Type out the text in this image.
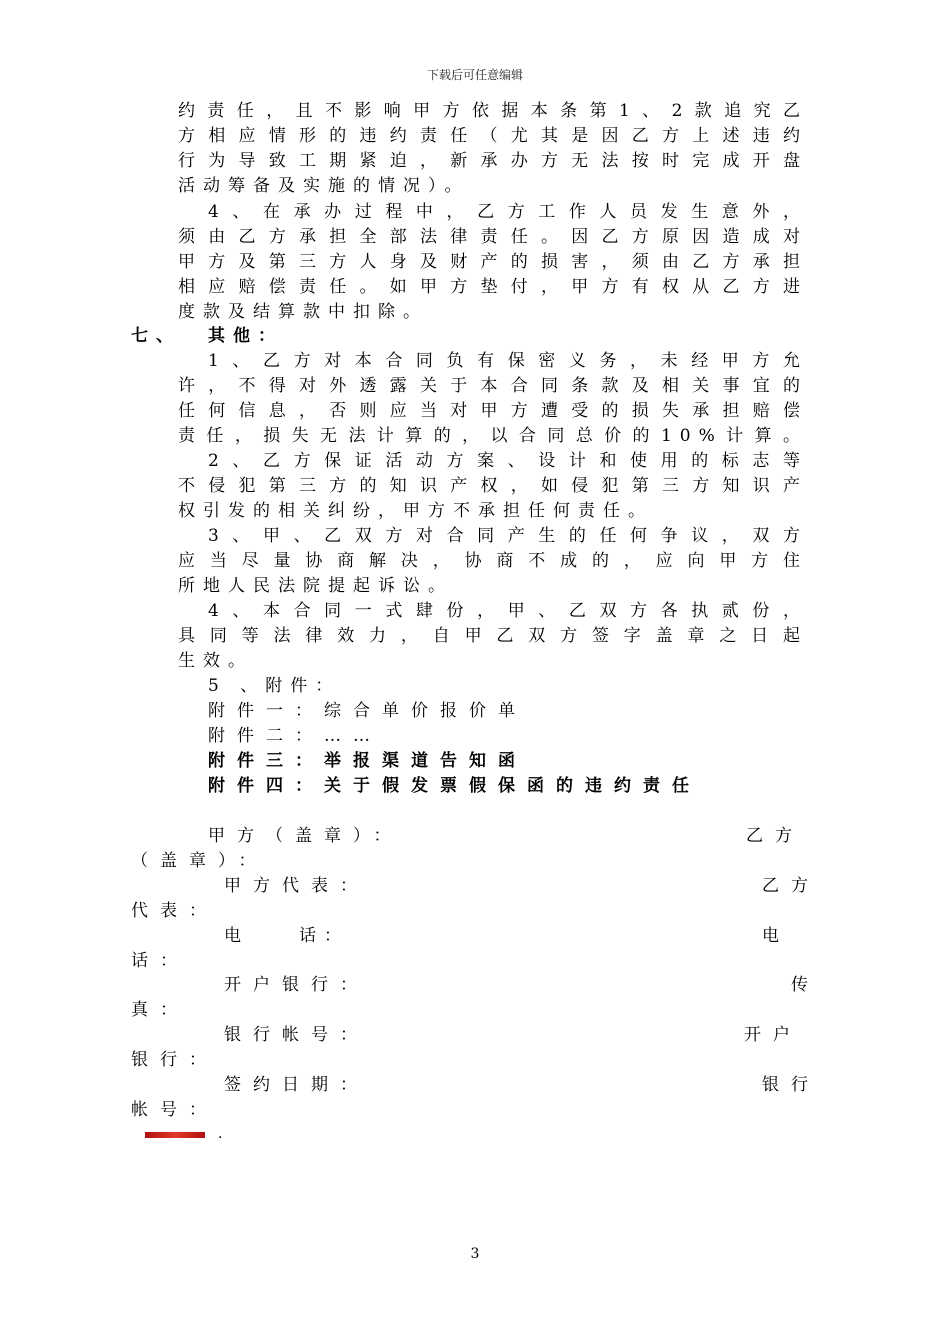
下载后可任意编辑
约责任，且不影响甲方依据本条第1、2款追究乙
方相应情形的违约责任（尤其是因乙方上述违约
行为导致工期紧迫，新承办方无法按时完成开盘
活动筹备及实施的情况）。
4、在承办过程中，乙方工作人员发生意外，
须由乙方承担全部法律责任。因乙方原因造成对
甲方及第三方人身及财产的损害，须由乙方承担
相应赔偿责任。如甲方垫付，甲方有权从乙方进
度款及结算款中扣除。
七、 其他：
1、乙方对本合同负有保密义务，未经甲方允
许，不得对外透露关于本合同条款及相关事宜的
任何信息，否则应当对甲方遭受的损失承担赔偿
责任，损失无法计算的，以合同总价的10%计算。
2、乙方保证活动方案、设计和使用的标志等
不侵犯第三方的知识产权，如侵犯第三方知识产
权引发的相关纠纷，甲方不承担任何责任。
3、甲、乙双方对合同产生的任何争议，双方
应当尽量协商解决，协商不成的，应向甲方住
所地人民法院提起诉讼。
4、本合同一式肆份，甲、乙双方各执贰份，
具同等法律效力，自甲乙双方签字盖章之日起
生效。
5 、附件：
附件一：综合单价报价单
附件二：……
附件三：举报渠道告知函
附件四：关于假发票假保函的违约责任
甲方（盖章）：	乙方
（盖章）：
甲方代表：	乙方
代表：
电　　话：	电
话：
开户银行：	传
真：
银行帐号：	开户
银行：
签约日期：	银行
帐号：
.
3
